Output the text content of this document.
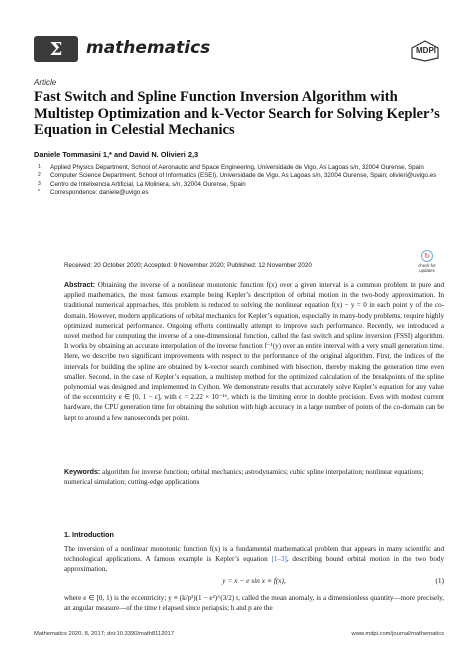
Σ mathematics	MDPI
Article
Fast Switch and Spline Function Inversion Algorithm with Multistep Optimization and k-Vector Search for Solving Kepler’s Equation in Celestial Mechanics
Daniele Tommasini 1,* and David N. Olivieri 2,3
1 Applied Physics Department, School of Aeronautic and Space Engineering, Universidade de Vigo, As Lagoas s/n, 32004 Ourense, Spain
2 Computer Science Department, School of Informatics (ESEI), Universidade de Vigo, As Lagoas s/n, 32004 Ourense, Spain; olivieri@uvigo.es
3 Centro de Intelixencia Artificial, La Molinera, s/n, 32004 Ourense, Spain
* Correspondence: daniele@uvigo.es
Received: 20 October 2020; Accepted: 9 November 2020; Published: 12 November 2020
↻
check for
updates
Abstract: Obtaining the inverse of a nonlinear monotonic function f(x) over a given interval is a common problem in pure and applied mathematics, the most famous example being Kepler’s description of orbital motion in the two-body approximation. In traditional numerical approaches, this problem is reduced to solving the nonlinear equation f(x) − y = 0 in each point y of the co-domain. However, modern applications of orbital mechanics for Kepler’s equation, especially in many-body problems, require highly optimized numerical performance. Ongoing efforts continually attempt to improve such performance. Recently, we introduced a novel method for computing the inverse of a one-dimensional function, called the fast switch and spline inversion (FSSI) algorithm. It works by obtaining an accurate interpolation of the inverse function f⁻¹(y) over an entire interval with a very small generation time. Here, we describe two significant improvements with respect to the performance of the original algorithm. First, the indices of the intervals for building the spline are obtained by k-vector search combined with bisection, thereby making the generation time even smaller. Second, in the case of Kepler’s equation, a multistep method for the optimized calculation of the breakpoints of the spline polynomial was designed and implemented in Cython. We demonstrate results that accurately solve Kepler’s equation for any value of the eccentricity e ∈ [0, 1 − ϵ], with ϵ = 2.22 × 10⁻¹⁶, which is the limiting error in double precision. Even with modest current hardware, the CPU generation time for obtaining the solution with high accuracy in a large number of points of the co-domain can be kept to around a few nanoseconds per point.
Keywords: algorithm for inverse function; orbital mechanics; astrodynamics; cubic spline interpolation; nonlinear equations; numerical simulation; cutting-edge applications
1. Introduction
The inversion of a nonlinear monotonic function f(x) is a fundamental mathematical problem that appears in many scientific and technological applications. A famous example is Kepler’s equation [1–3], describing bound orbital motion in the two body approximation,
y = x − e sin x ≡ f(x),	(1)
where e ∈ [0, 1) is the eccentricity; y ≡ (k/p²)(1 − e²)^(3/2) t, called the mean anomaly, is a dimensionless quantity—more precisely, an angular measure—of the time t elapsed since periapsis; h and p are the
Mathematics 2020, 8, 2017; doi:10.3390/math8112017	www.mdpi.com/journal/mathematics
